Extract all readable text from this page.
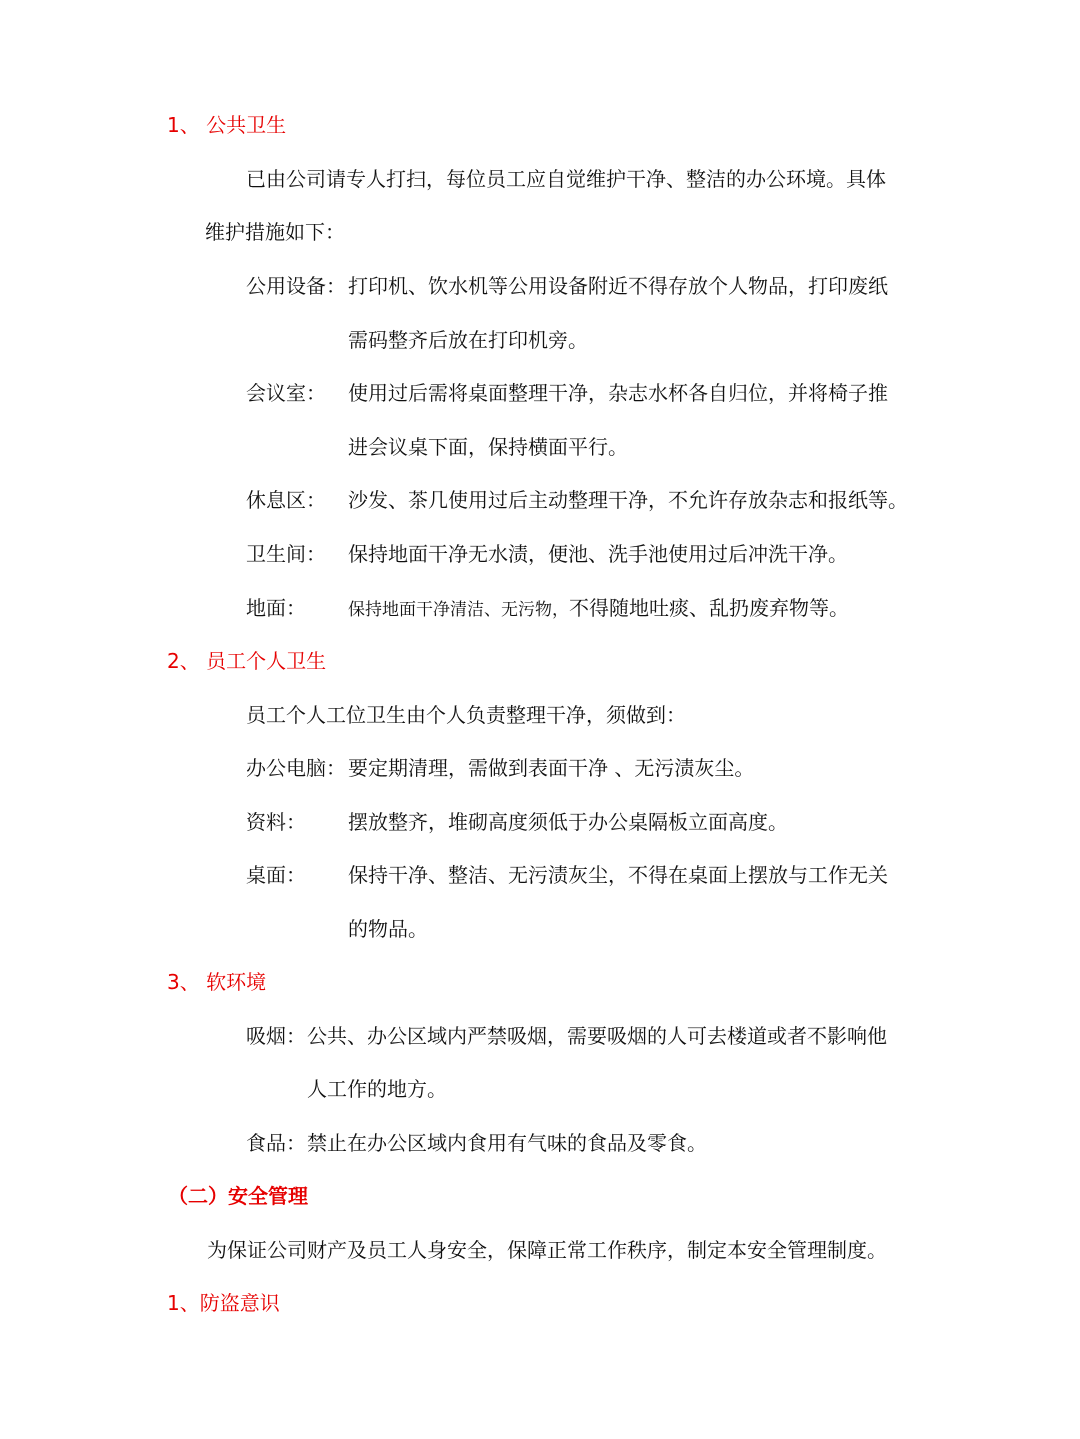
1、 公共卫生
已由公司请专人打扫，每位员工应自觉维护干净、整洁的办公环境。具体
维护措施如下：
公用设备： 打印机、饮水机等公用设备附近不得存放个人物品，打印废纸
需码整齐后放在打印机旁。
会议室： 使用过后需将桌面整理干净，杂志水杯各自归位，并将椅子推
进会议桌下面，保持横面平行。
休息区： 沙发、茶几使用过后主动整理干净，不允许存放杂志和报纸等。
卫生间： 保持地面干净无水渍，便池、洗手池使用过后冲洗干净。
地面： 保持地面干净清洁、无污物，不得随地吐痰、乱扔废弃物等。
2、 员工个人卫生
员工个人工位卫生由个人负责整理干净，须做到：
办公电脑： 要定期清理，需做到表面干净 、无污渍灰尘。
资料： 摆放整齐，堆砌高度须低于办公桌隔板立面高度。
桌面： 保持干净、整洁、无污渍灰尘，不得在桌面上摆放与工作无关
的物品。
3、 软环境
吸烟： 公共、办公区域内严禁吸烟，需要吸烟的人可去楼道或者不影响他
人工作的地方。
食品： 禁止在办公区域内食用有气味的食品及零食。
（二）安全管理
为保证公司财产及员工人身安全，保障正常工作秩序，制定本安全管理制度。
1、防盗意识
